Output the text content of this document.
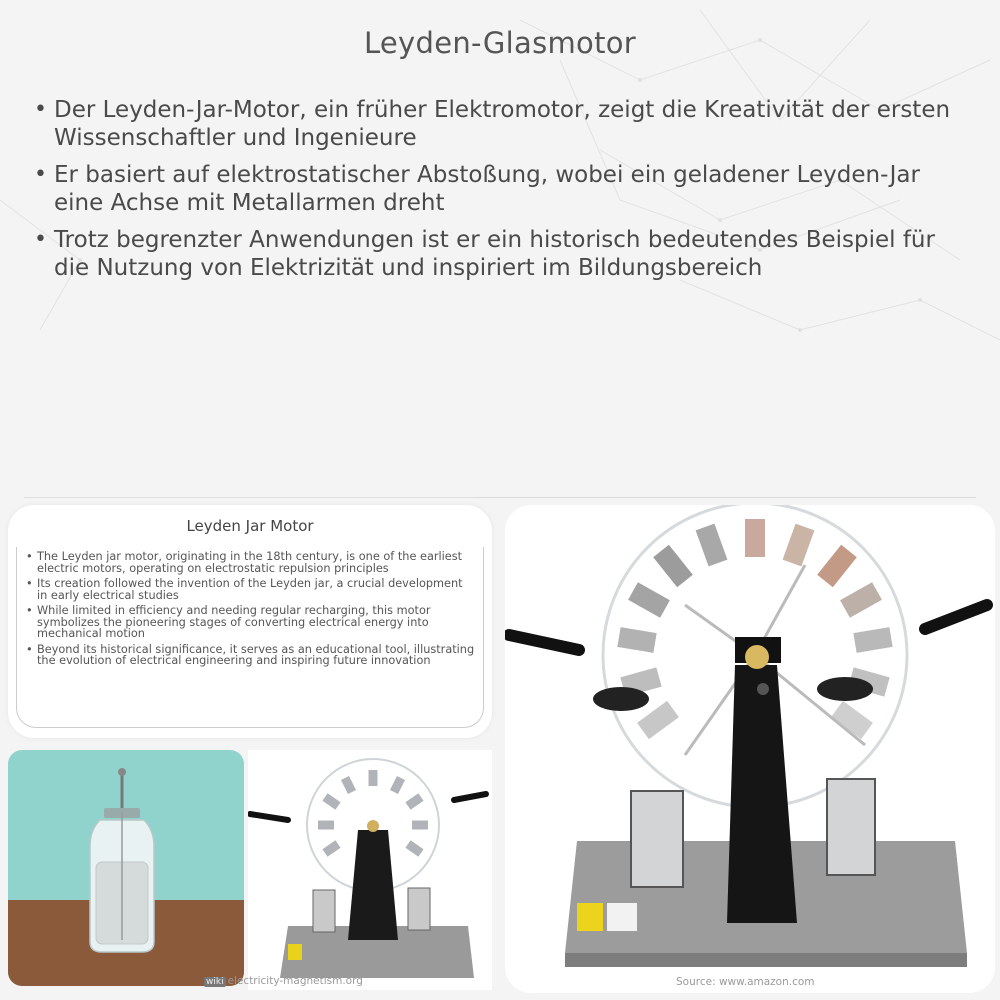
Leyden-Glasmotor
• Der Leyden-Jar-Motor, ein früher Elektromotor, zeigt die Kreativität der ersten Wissenschaftler und Ingenieure
• Er basiert auf elektrostatischer Abstoßung, wobei ein geladener Leyden-Jar eine Achse mit Metallarmen dreht
• Trotz begrenzter Anwendungen ist er ein historisch bedeutendes Beispiel für die Nutzung von Elektrizität und inspiriert im Bildungsbereich
Leyden Jar Motor
• The Leyden jar motor, originating in the 18th century, is one of the earliest electric motors, operating on electrostatic repulsion principles
• Its creation followed the invention of the Leyden jar, a crucial development in early electrical studies
• While limited in efficiency and needing regular recharging, this motor symbolizes the pioneering stages of converting electrical energy into mechanical motion
• Beyond its historical significance, it serves as an educational tool, illustrating the evolution of electrical engineering and inspiring future innovation
wiki electricity-magnetism.org	Source: www.amazon.com
